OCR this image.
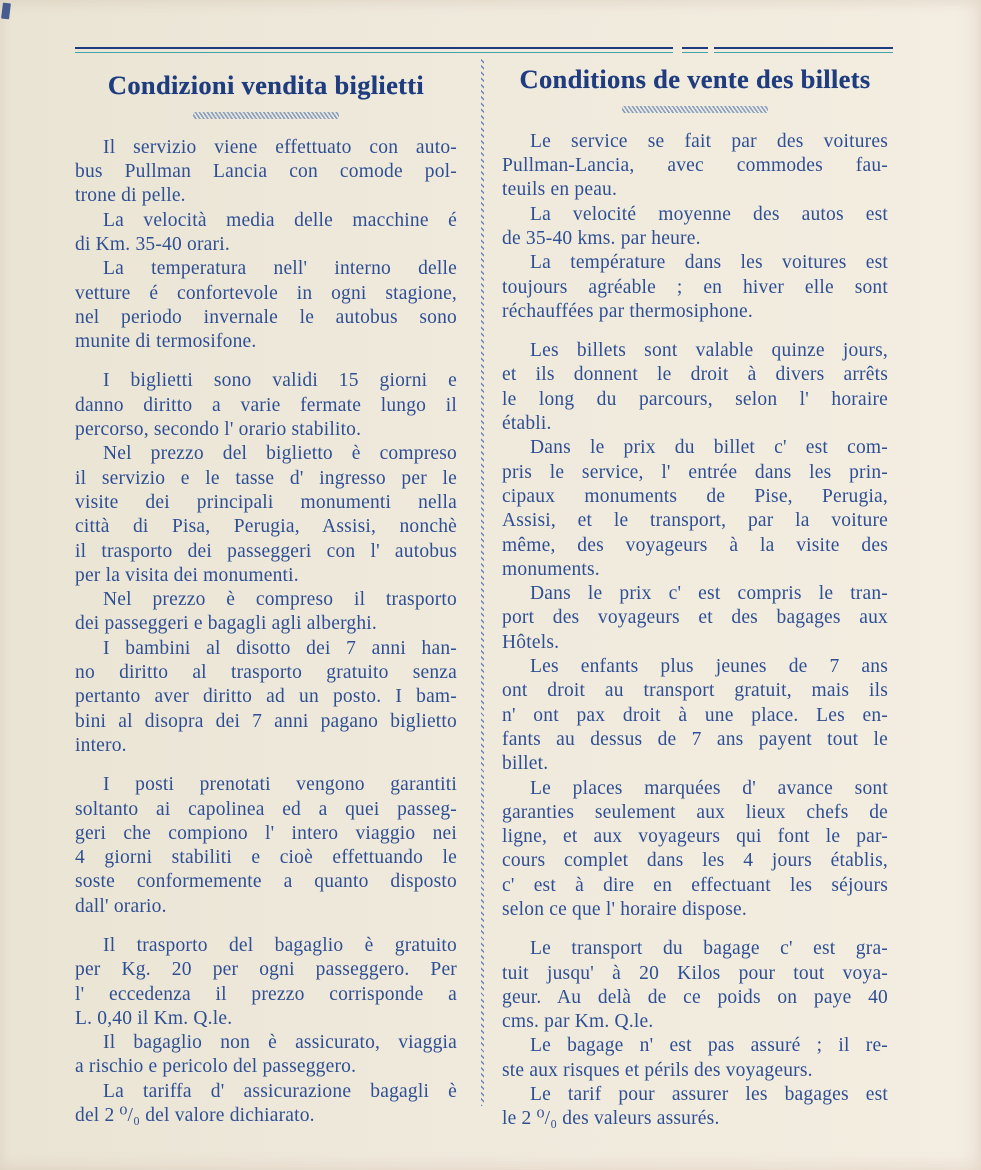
Condizioni vendita biglietti
Il servizio viene effettuato con auto-
bus Pullman Lancia con comode pol-
trone di pelle.
La velocità media delle macchine é
di Km. 35-40 orari.
La temperatura nell' interno delle
vetture é confortevole in ogni stagione,
nel periodo invernale le autobus sono
munite di termosifone.
I biglietti sono validi 15 giorni e
danno diritto a varie fermate lungo il
percorso, secondo l' orario stabilito.
Nel prezzo del biglietto è compreso
il servizio e le tasse d' ingresso per le
visite dei principali monumenti nella
città di Pisa, Perugia, Assisi, nonchè
il trasporto dei passeggeri con l' autobus
per la visita dei monumenti.
Nel prezzo è compreso il trasporto
dei passeggeri e bagagli agli alberghi.
I bambini al disotto dei 7 anni han-
no diritto al trasporto gratuito senza
pertanto aver diritto ad un posto. I bam-
bini al disopra dei 7 anni pagano biglietto
intero.
I posti prenotati vengono garantiti
soltanto ai capolinea ed a quei passeg-
geri che compiono l' intero viaggio nei
4 giorni stabiliti e cioè effettuando le
soste conformemente a quanto disposto
dall' orario.
Il trasporto del bagaglio è gratuito
per Kg. 20 per ogni passeggero. Per
l' eccedenza il prezzo corrisponde a
L. 0,40 il Km. Q.le.
Il bagaglio non è assicurato, viaggia
a rischio e pericolo del passeggero.
La tariffa d' assicurazione bagagli è
del 2 ⁰/₀ del valore dichiarato.
Conditions de vente des billets
Le service se fait par des voitures
Pullman-Lancia, avec commodes fau-
teuils en peau.
La velocité moyenne des autos est
de 35-40 kms. par heure.
La température dans les voitures est
toujours agréable ; en hiver elle sont
réchauffées par thermosiphone.
Les billets sont valable quinze jours,
et ils donnent le droit à divers arrêts
le long du parcours, selon l' horaire
établi.
Dans le prix du billet c' est com-
pris le service, l' entrée dans les prin-
cipaux monuments de Pise, Perugia,
Assisi, et le transport, par la voiture
même, des voyageurs à la visite des
monuments.
Dans le prix c' est compris le tran-
port des voyageurs et des bagages aux
Hôtels.
Les enfants plus jeunes de 7 ans
ont droit au transport gratuit, mais ils
n' ont pax droit à une place. Les en-
fants au dessus de 7 ans payent tout le
billet.
Le places marquées d' avance sont
garanties seulement aux lieux chefs de
ligne, et aux voyageurs qui font le par-
cours complet dans les 4 jours établis,
c' est à dire en effectuant les séjours
selon ce que l' horaire dispose.
Le transport du bagage c' est gra-
tuit jusqu' à 20 Kilos pour tout voya-
geur. Au delà de ce poids on paye 40
cms. par Km. Q.le.
Le bagage n' est pas assuré ; il re-
ste aux risques et périls des voyageurs.
Le tarif pour assurer les bagages est
le 2 ⁰/₀ des valeurs assurés.
